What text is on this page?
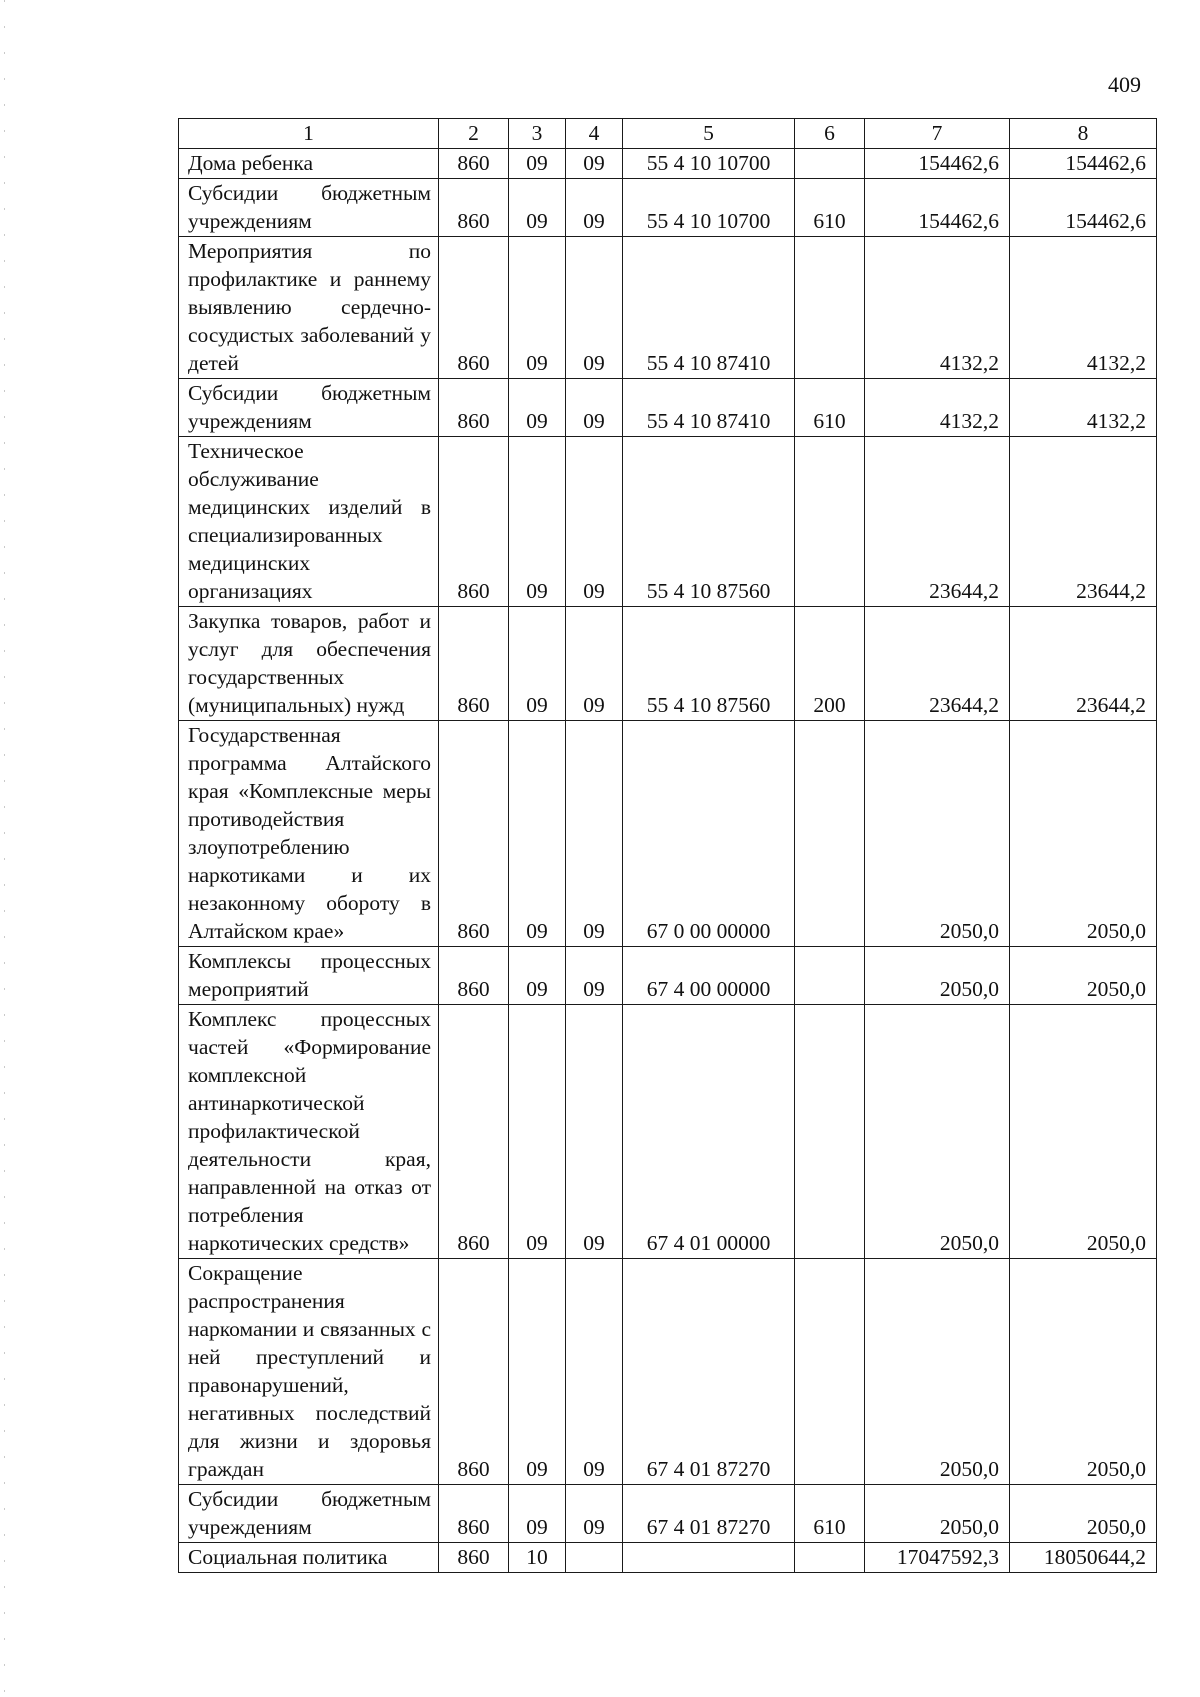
409
1	2	3	4	5	6	7	8
Дома ребенка	860	09	09	55 4 10 10700		154462,6	154462,6
Субсидии бюджетным учреждениям	860	09	09	55 4 10 10700	610	154462,6	154462,6
Мероприятия по профилактике и раннему выявлению сердечно-сосудистых заболеваний у детей	860	09	09	55 4 10 87410		4132,2	4132,2
Субсидии бюджетным учреждениям	860	09	09	55 4 10 87410	610	4132,2	4132,2
Техническое обслуживание медицинских изделий в специализированных медицинских организациях	860	09	09	55 4 10 87560		23644,2	23644,2
Закупка товаров, работ и услуг для обеспечения государственных (муниципальных) нужд	860	09	09	55 4 10 87560	200	23644,2	23644,2
Государственная программа Алтайского края «Комплексные меры противодействия злоупотреблению наркотиками и их незаконному обороту в Алтайском крае»	860	09	09	67 0 00 00000		2050,0	2050,0
Комплексы процессных мероприятий	860	09	09	67 4 00 00000		2050,0	2050,0
Комплекс процессных частей «Формирование комплексной антинаркотической профилактической деятельности края, направленной на отказ от потребления наркотических средств»	860	09	09	67 4 01 00000		2050,0	2050,0
Сокращение распространения наркомании и связанных с ней преступлений и правонарушений, негативных последствий для жизни и здоровья граждан	860	09	09	67 4 01 87270		2050,0	2050,0
Субсидии бюджетным учреждениям	860	09	09	67 4 01 87270	610	2050,0	2050,0
Социальная политика	860	10				17047592,3	18050644,2
